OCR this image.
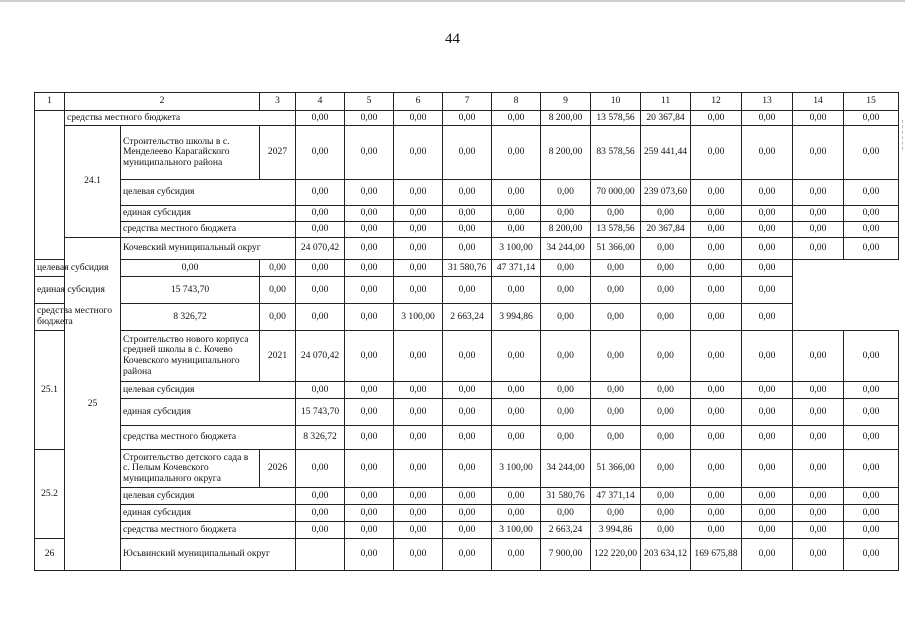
44
1	2		3	4	5	6	7	8	9	10	11	12	13	14	15	
	средства местного бюджета			0,00	0,00	0,00	0,00	0,00	8 200,00	13 578,56	20 367,84	0,00	0,00	0,00	0,00	
	24.1	Строительство школы в с. Менделеево Карагайского муниципального района	2027	0,00	0,00	0,00	0,00	0,00	8 200,00	83 578,56	259 441,44	0,00	0,00	0,00	0,00	
		целевая субсидия		0,00	0,00	0,00	0,00	0,00	0,00	70 000,00	239 073,60	0,00	0,00	0,00	0,00	
		единая субсидия		0,00	0,00	0,00	0,00	0,00	0,00	0,00	0,00	0,00	0,00	0,00	0,00	
		средства местного бюджета		0,00	0,00	0,00	0,00	0,00	8 200,00	13 578,56	20 367,84	0,00	0,00	0,00	0,00	
	25	Кочевский муниципальный округ		24 070,42	0,00	0,00	0,00	3 100,00	34 244,00	51 366,00	0,00	0,00	0,00	0,00	0,00	
целевая субсидия		0,00	0,00	0,00	0,00	0,00	31 580,76	47 371,14	0,00	0,00	0,00	0,00	0,00			
единая субсидия		15 743,70	0,00	0,00	0,00	0,00	0,00	0,00	0,00	0,00	0,00	0,00	0,00			
средства местного бюджета		8 326,72	0,00	0,00	0,00	3 100,00	2 663,24	3 994,86	0,00	0,00	0,00	0,00	0,00			
25.1		Строительство нового корпуса средней школы в с. Кочево Кочевского муниципального района	2021	24 070,42	0,00	0,00	0,00	0,00	0,00	0,00	0,00	0,00	0,00	0,00	0,00	
		целевая субсидия		0,00	0,00	0,00	0,00	0,00	0,00	0,00	0,00	0,00	0,00	0,00	0,00	
		единая субсидия		15 743,70	0,00	0,00	0,00	0,00	0,00	0,00	0,00	0,00	0,00	0,00	0,00	
		средства местного бюджета		8 326,72	0,00	0,00	0,00	0,00	0,00	0,00	0,00	0,00	0,00	0,00	0,00	
25.2		Строительство детского сада в с. Пелым Кочевского муниципального округа	2026	0,00	0,00	0,00	0,00	3 100,00	34 244,00	51 366,00	0,00	0,00	0,00	0,00	0,00	
		целевая субсидия		0,00	0,00	0,00	0,00	0,00	31 580,76	47 371,14	0,00	0,00	0,00	0,00	0,00	
		единая субсидия		0,00	0,00	0,00	0,00	0,00	0,00	0,00	0,00	0,00	0,00	0,00	0,00	
		средства местного бюджета		0,00	0,00	0,00	0,00	3 100,00	2 663,24	3 994,86	0,00	0,00	0,00	0,00	0,00	
26		Юсьвинский муниципальный округ			0,00	0,00	0,00	0,00	7 900,00	122 220,00	203 634,12	169 675,88	0,00	0,00	0,00	
